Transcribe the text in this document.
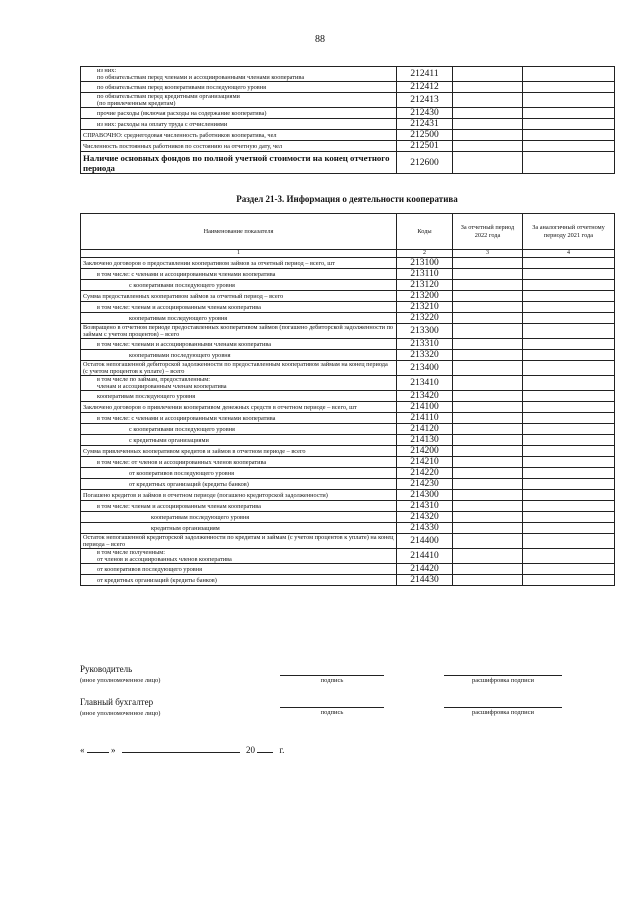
88
из них:
по обязательствам перед членами и ассоциированными членами кооператива	212411		
по обязательствам перед кооперативами последующего уровня	212412		
по обязательствам перед кредитными организациями
(по привлеченным кредитам)	212413		
прочие расходы (включая расходы на содержание кооператива)	212430		
из них: расходы на оплату труда с отчислениями	212431		
СПРАВОЧНО: среднегодовая численность работников кооператива, чел	212500		
Численность постоянных работников по состоянию на отчетную дату, чел	212501		
Наличие основных фондов по полной учетной стоимости на конец отчетного периода	212600		
Раздел 21-3. Информация о деятельности кооператива
Наименование показателя	Коды	За отчетный период 2022 года	За аналогичный отчетному периоду 2021 года
1	2	3	4
Заключено договоров о предоставлении кооперативом займов за отчетный период – всего, шт	213100		
в том числе: с членами и ассоциированными членами кооператива	213110		
с кооперативами последующего уровня	213120		
Сумма предоставленных кооперативом займов за отчетный период – всего	213200		
в том числе: членам и ассоциированным членам кооператива	213210		
кооперативам последующего уровня	213220		
Возвращено в отчетном периоде предоставленных кооперативом займов (погашено дебиторской задолженности по займам с учетом процентов) – всего	213300		
в том числе: членами и ассоциированными членами кооператива	213310		
кооперативами последующего уровня	213320		
Остаток непогашенной дебиторской задолженности по предоставленным кооперативом займам на конец периода (с учетом процентов к уплате) – всего	213400		
в том числе по займам, предоставленным:
членам и ассоциированным членам кооператива	213410		
кооперативам последующего уровня	213420		
Заключено договоров о привлечении кооперативом денежных средств в отчетном периоде – всего, шт	214100		
в том числе: с членами и ассоциированными членами кооператива	214110		
с кооперативами последующего уровня	214120		
с кредитными организациями	214130		
Сумма привлеченных кооперативом кредитов и займов в отчетном периоде – всего	214200		
в том числе: от членов и ассоциированных членов кооператива	214210		
от кооперативов последующего уровня	214220		
от кредитных организаций (кредиты банков)	214230		
Погашено кредитов и займов в отчетном периоде (погашено кредиторской задолженности)	214300		
в том числе: членам и ассоциированным членам кооператива	214310		
кооперативам последующего уровня	214320		
кредитным организациям	214330		
Остаток непогашенной кредиторской задолженности по кредитам и займам (с учетом процентов к уплате) на конец периода – всего	214400		
в том числе полученным:
от членов и ассоциированных членов кооператива	214410		
от кооперативов последующего уровня	214420		
от кредитных организаций (кредиты банков)	214430		
Руководитель
(иное уполномоченное лицо)	подпись	расшифровка подписи
Главный бухгалтер
(иное уполномоченное лицо)	подпись	расшифровка подписи
«	»	20	г.
